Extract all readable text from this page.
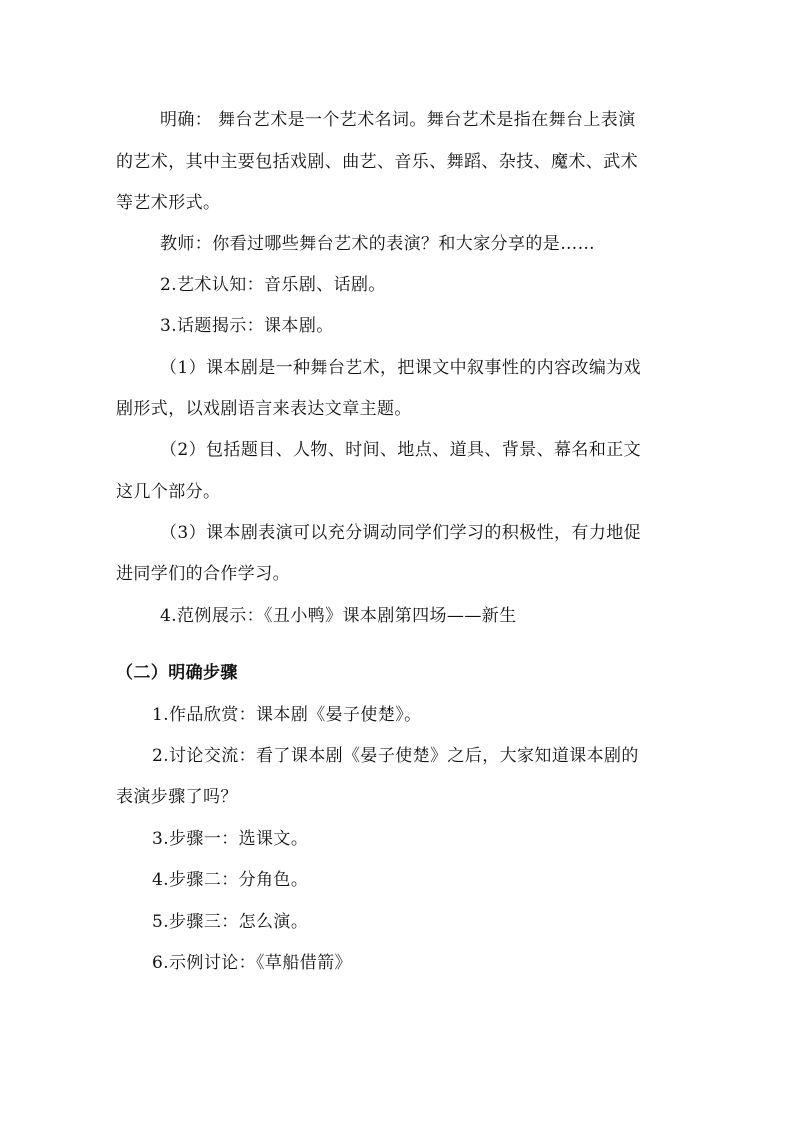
明确： 舞台艺术是一个艺术名词。舞台艺术是指在舞台上表演
的艺术，其中主要包括戏剧、曲艺、音乐、舞蹈、杂技、魔术、武术
等艺术形式。
教师：你看过哪些舞台艺术的表演？和大家分享的是……
2.艺术认知：音乐剧、话剧。
3.话题揭示：课本剧。
（1）课本剧是一种舞台艺术，把课文中叙事性的内容改编为戏
剧形式，以戏剧语言来表达文章主题。
（2）包括题目、人物、时间、地点、道具、背景、幕名和正文
这几个部分。
（3）课本剧表演可以充分调动同学们学习的积极性，有力地促
进同学们的合作学习。
4.范例展示：《丑小鸭》课本剧第四场——新生
（二）明确步骤
1.作品欣赏：课本剧《晏子使楚》。
2.讨论交流：看了课本剧《晏子使楚》之后，大家知道课本剧的
表演步骤了吗？
3.步骤一：选课文。
4.步骤二：分角色。
5.步骤三：怎么演。
6.示例讨论：《草船借箭》
